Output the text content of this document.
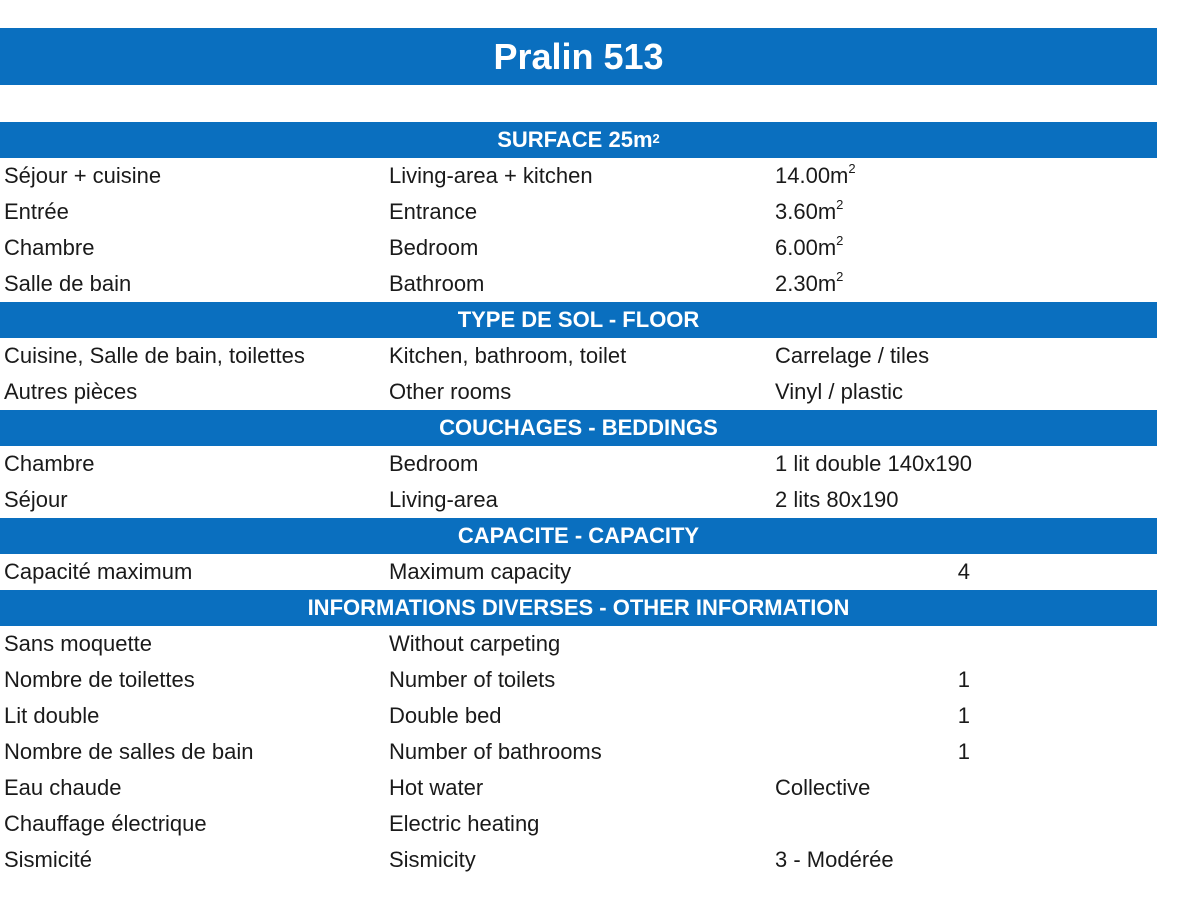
Pralin 513
SURFACE $25m^2$
Séjour + cuisine	Living-area + kitchen	$14.00m^2$
Entrée	Entrance	$3.60m^2$
Chambre	Bedroom	$6.00m^2$
Salle de bain	Bathroom	$2.30m^2$
TYPE DE SOL - FLOOR
Cuisine, Salle de bain, toilettes	Kitchen, bathroom, toilet	Carrelage / tiles
Autres pièces	Other rooms	Vinyl / plastic
COUCHAGES - BEDDINGS
Chambre	Bedroom	1 lit double 140x190
Séjour	Living-area	2 lits 80x190
CAPACITE - CAPACITY
Capacité maximum	Maximum capacity	4
INFORMATIONS DIVERSES - OTHER INFORMATION
Sans moquette	Without carpeting
Nombre de toilettes	Number of toilets	1
Lit double	Double bed	1
Nombre de salles de bain	Number of bathrooms	1
Eau chaude	Hot water	Collective
Chauffage électrique	Electric heating
Sismicité	Sismicity	3 - Modérée
